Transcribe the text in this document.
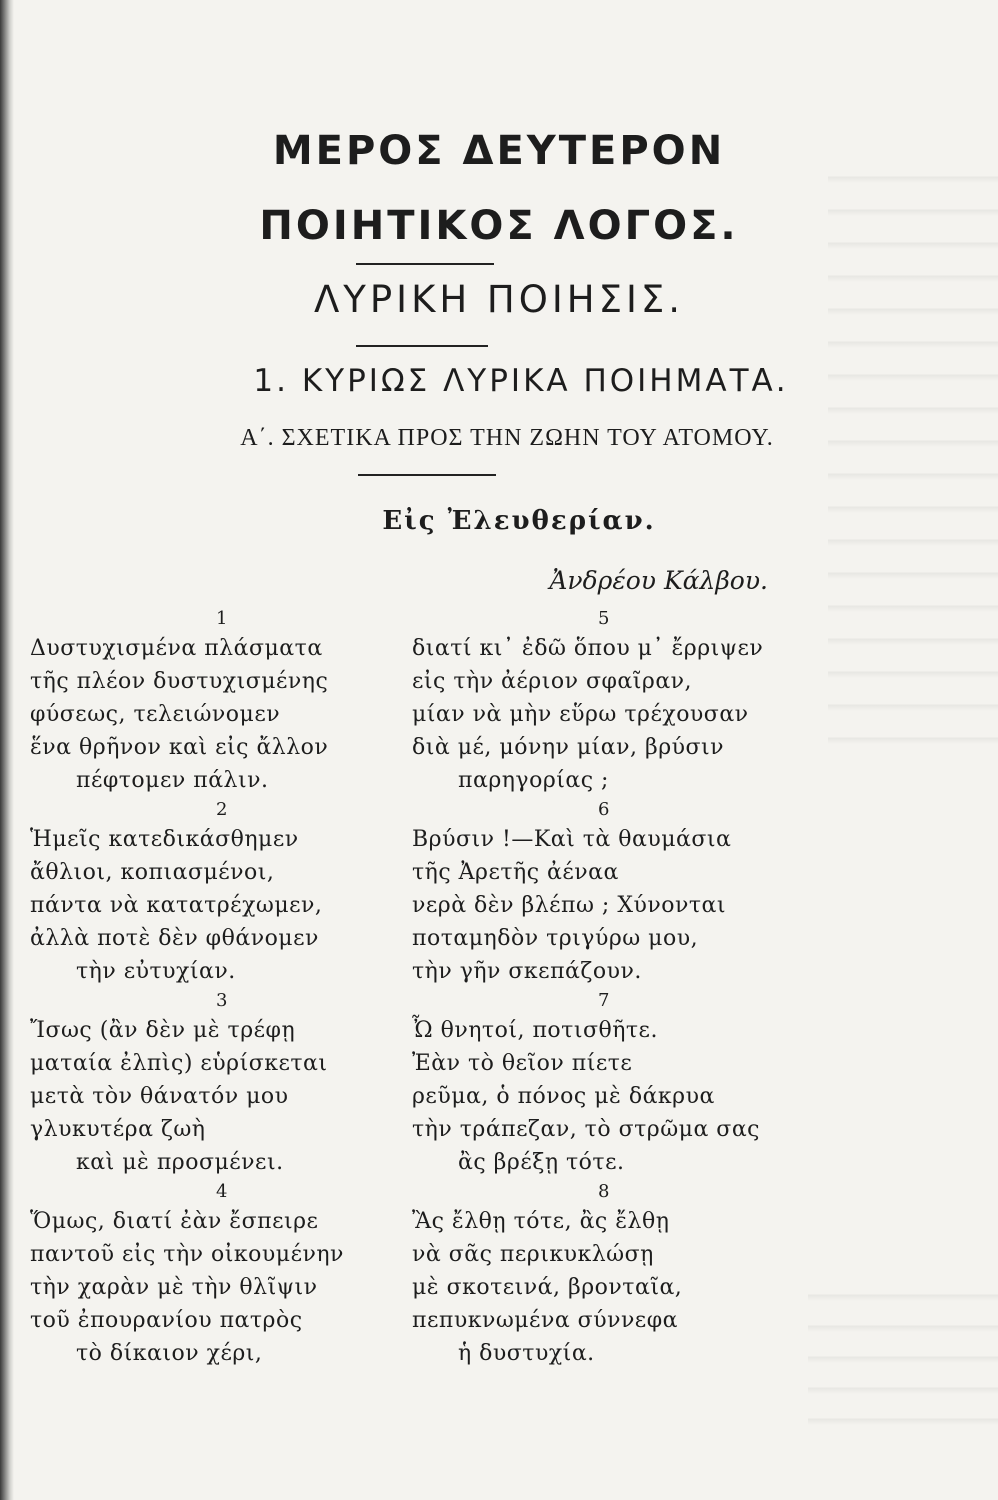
ΜΕΡΟΣ ΔΕΥΤΕΡΟΝ
ΠΟΙΗΤΙΚΟΣ ΛΟΓΟΣ.
ΛΥΡΙΚΗ ΠΟΙΗΣΙΣ.
1. ΚΥΡΙΩΣ ΛΥΡΙΚΑ ΠΟΙΗΜΑΤΑ.
Α΄. ΣΧΕΤΙΚΑ ΠΡΟΣ ΤΗΝ ΖΩΗΝ ΤΟΥ ΑΤΟΜΟΥ.
Εἰς Ἐλευθερίαν.
Ἀνδρέου Κάλβου.
1
Δυστυχισμένα πλάσματα
τῆς πλέον δυστυχισμένης
φύσεως, τελειώνομεν
ἕνα θρῆνον καὶ εἰς ἄλλον
πέφτομεν πάλιν.
2
Ἡμεῖς κατεδικάσθημεν
ἄθλιοι, κοπιασμένοι,
πάντα νὰ κατατρέχωμεν,
ἀλλὰ ποτὲ δὲν φθάνομεν
τὴν εὐτυχίαν.
3
Ἴσως (ἂν δὲν μὲ τρέφῃ
ματαία ἐλπὶς) εὑρίσκεται
μετὰ τὸν θάνατόν μου
γλυκυτέρα ζωὴ
καὶ μὲ προσμένει.
4
Ὅμως, διατί ἐὰν ἔσπειρε
παντοῦ εἰς τὴν οἰκουμένην
τὴν χαρὰν μὲ τὴν θλῖψιν
τοῦ ἐπουρανίου πατρὸς
τὸ δίκαιον χέρι,
5
διατί κι᾽ ἐδῶ ὅπου μ᾽ ἔρριψεν
εἰς τὴν ἀέριον σφαῖραν,
μίαν νὰ μὴν εὕρω τρέχουσαν
διὰ μέ, μόνην μίαν, βρύσιν
παρηγορίας ;
6
Βρύσιν !—Καὶ τὰ θαυμάσια
τῆς Ἀρετῆς ἀέναα
νερὰ δὲν βλέπω ; Χύνονται
ποταμηδὸν τριγύρω μου,
τὴν γῆν σκεπάζουν.
7
Ὦ θνητοί, ποτισθῆτε.
Ἐὰν τὸ θεῖον πίετε
ρεῦμα, ὁ πόνος μὲ δάκρυα
τὴν τράπεζαν, τὸ στρῶμα σας
ἂς βρέξῃ τότε.
8
Ἂς ἔλθῃ τότε, ἂς ἔλθῃ
νὰ σᾶς περικυκλώσῃ
μὲ σκοτεινά, βρονταῖα,
πεπυκνωμένα σύννεφα
ἡ δυστυχία.
